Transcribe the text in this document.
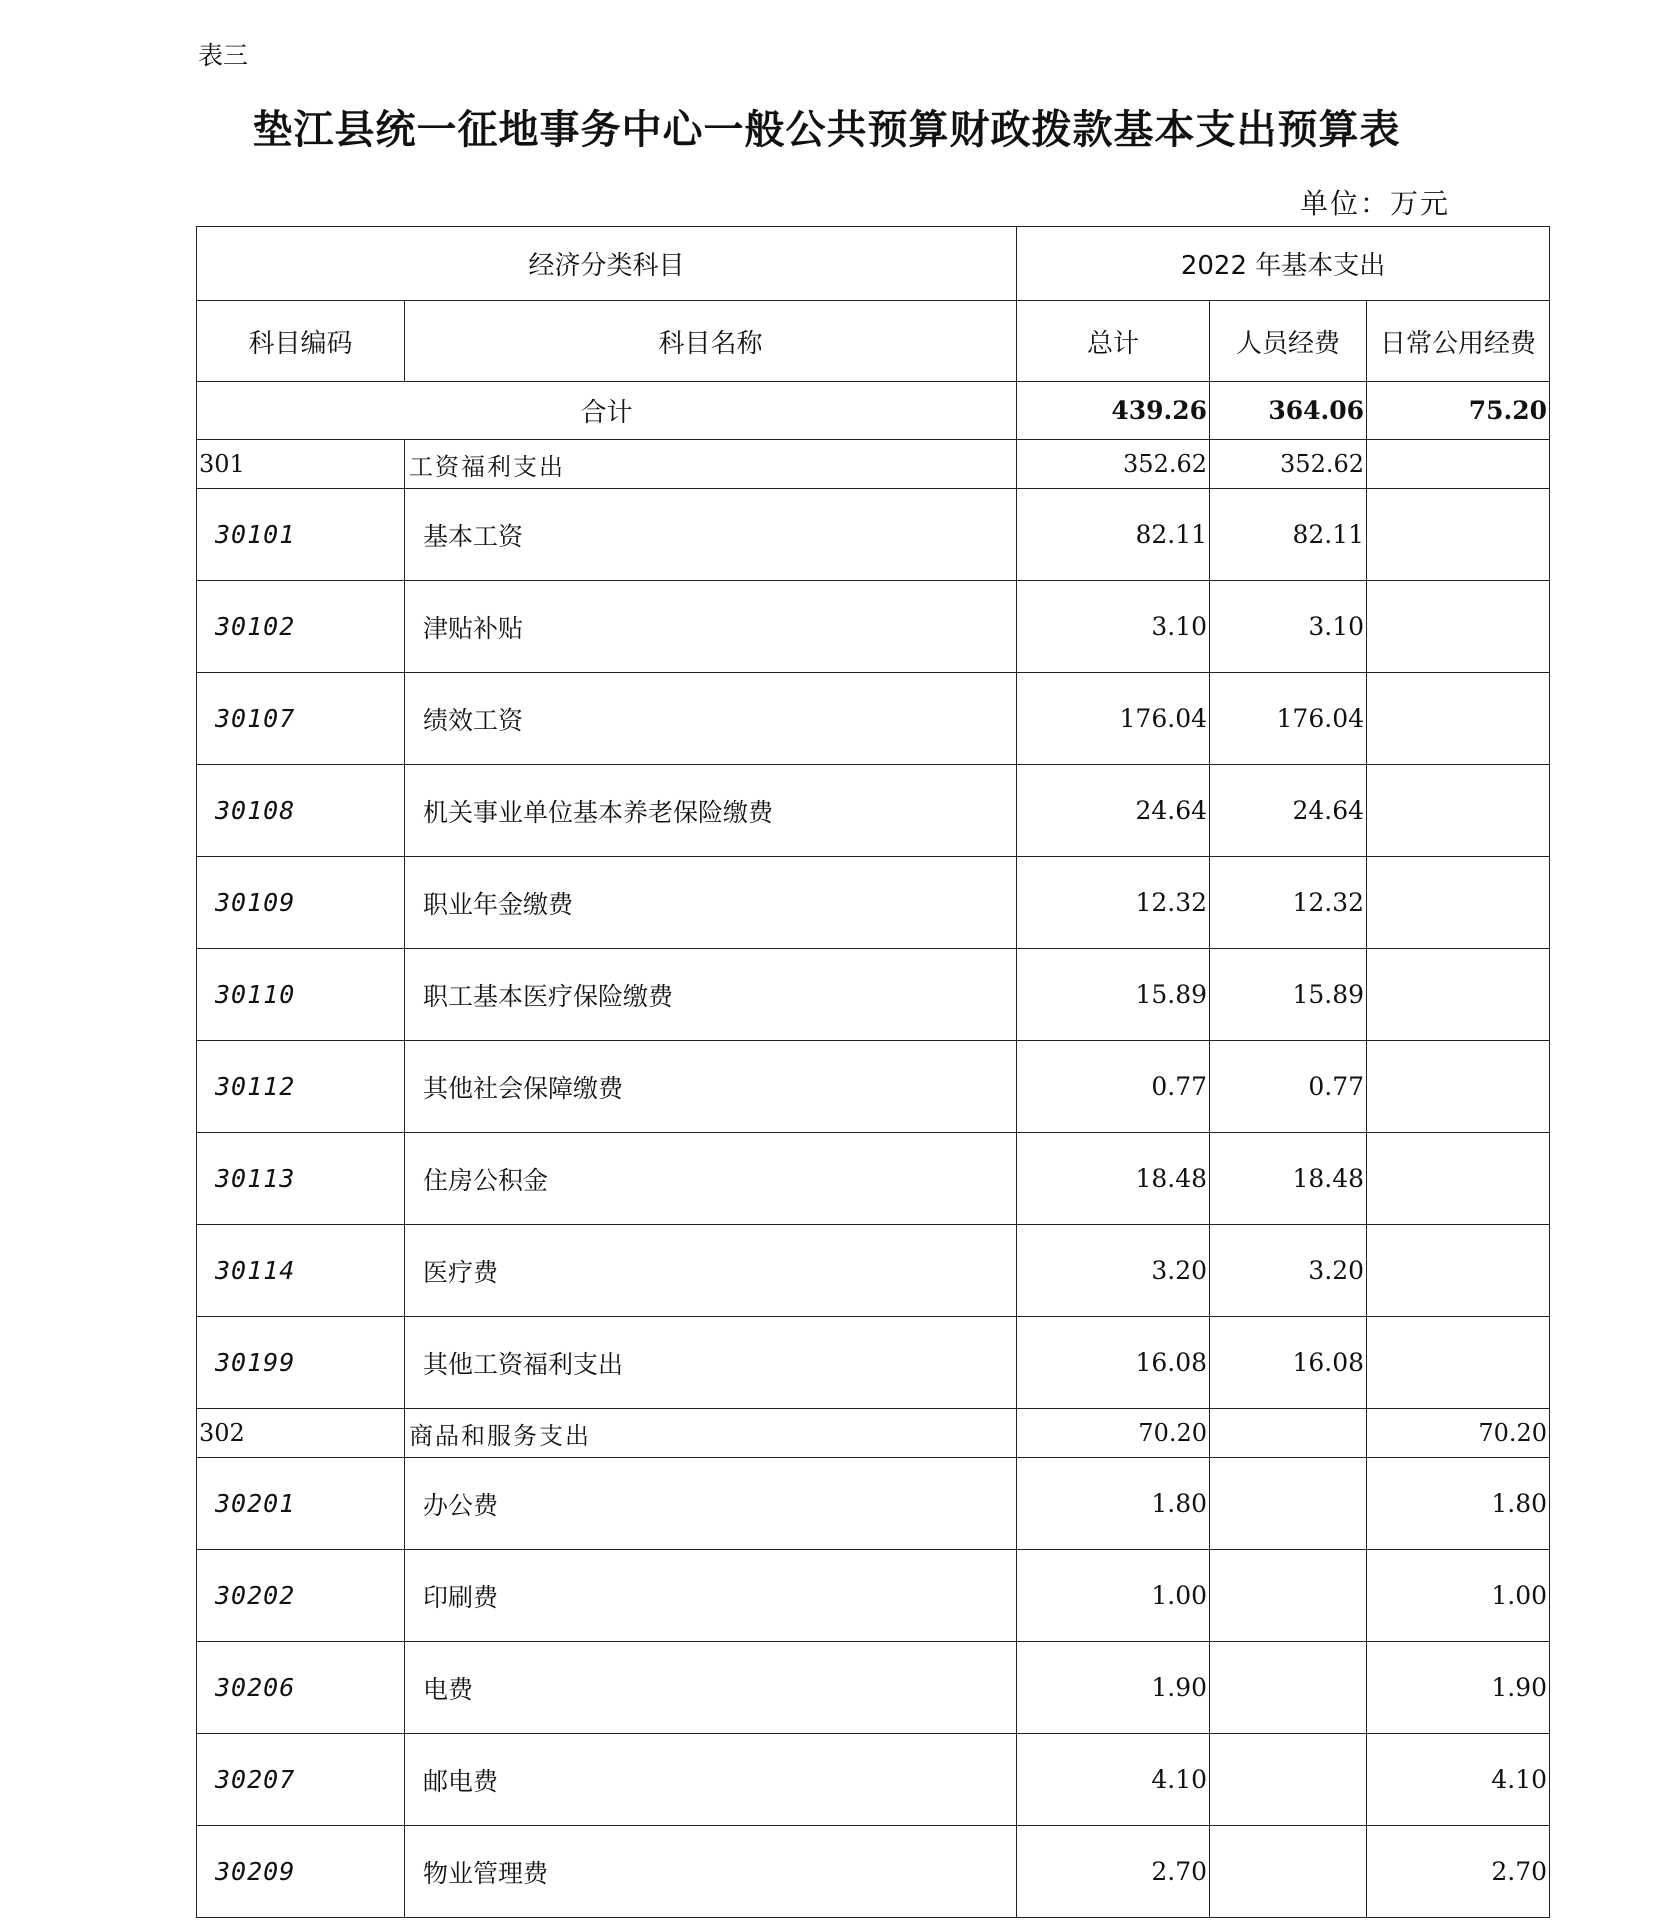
表三
垫江县统一征地事务中心一般公共预算财政拨款基本支出预算表
单位：万元
经济分类科目		2022 年基本支出		
科目编码	科目名称	总计	人员经费	日常公用经费
合计		439.26	364.06	75.20
301	工资福利支出	352.62	352.62	
30101	基本工资	82.11	82.11	
30102	津贴补贴	3.10	3.10	
30107	绩效工资	176.04	176.04	
30108	机关事业单位基本养老保险缴费	24.64	24.64	
30109	职业年金缴费	12.32	12.32	
30110	职工基本医疗保险缴费	15.89	15.89	
30112	其他社会保障缴费	0.77	0.77	
30113	住房公积金	18.48	18.48	
30114	医疗费	3.20	3.20	
30199	其他工资福利支出	16.08	16.08	
302	商品和服务支出	70.20		70.20
30201	办公费	1.80		1.80
30202	印刷费	1.00		1.00
30206	电费	1.90		1.90
30207	邮电费	4.10		4.10
30209	物业管理费	2.70		2.70
